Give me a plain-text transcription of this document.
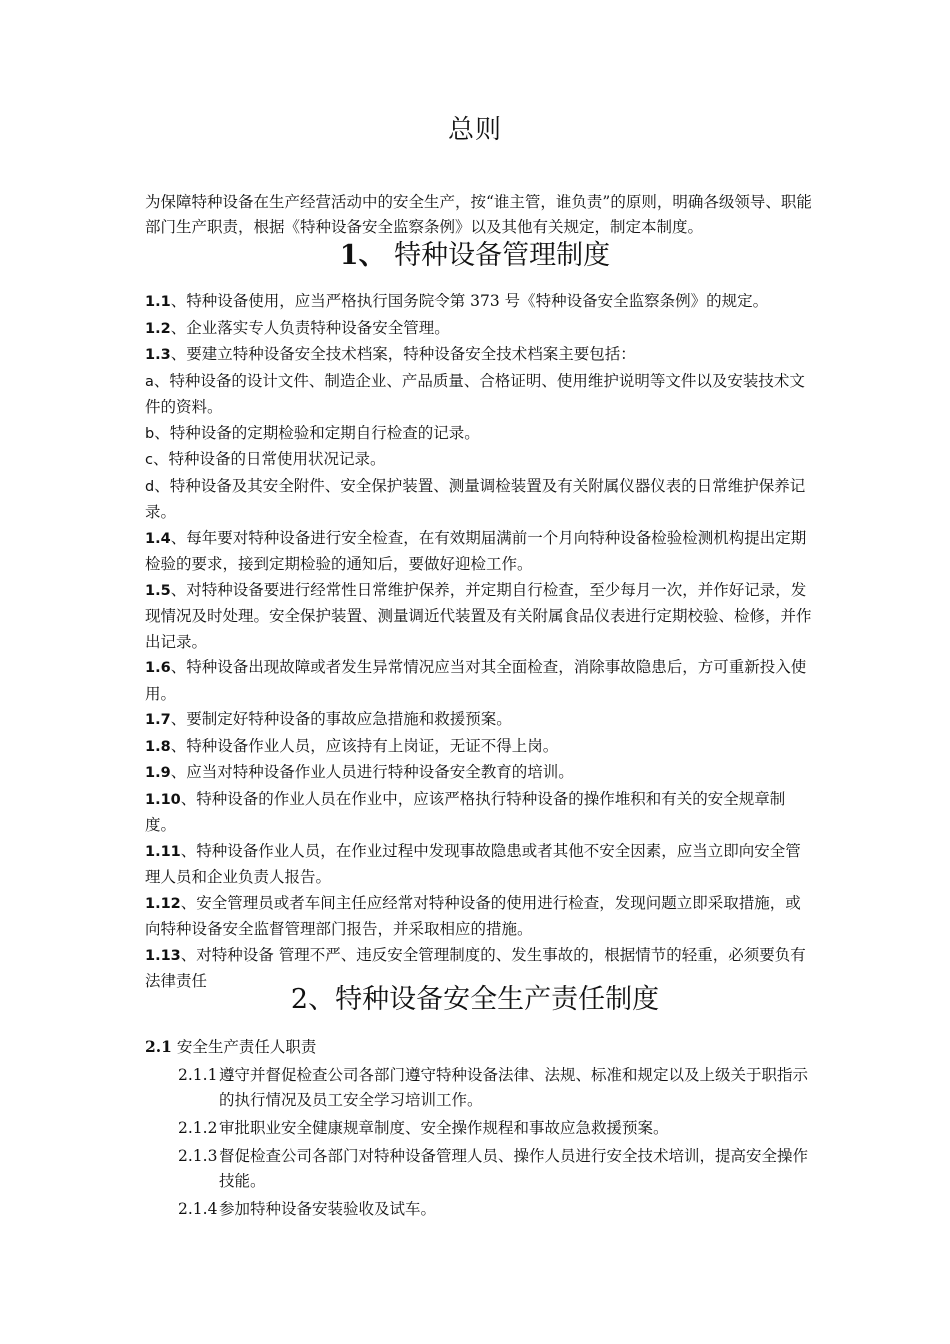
总则

为保障特种设备在生产经营活动中的安全生产，按“谁主管，谁负责”的原则，明确各级领导、职能部门生产职责，根据《特种设备安全监察条例》以及其他有关规定，制定本制度。

1、 特种设备管理制度

1.1、特种设备使用，应当严格执行国务院令第 373 号《特种设备安全监察条例》的规定。

1.2、企业落实专人负责特种设备安全管理。

1.3、要建立特种设备安全技术档案，特种设备安全技术档案主要包括：

a、特种设备的设计文件、制造企业、产品质量、合格证明、使用维护说明等文件以及安装技术文件的资料。

b、特种设备的定期检验和定期自行检查的记录。

c、特种设备的日常使用状况记录。

d、特种设备及其安全附件、安全保护装置、测量调检装置及有关附属仪器仪表的日常维护保养记录。

1.4、每年要对特种设备进行安全检查，在有效期届满前一个月向特种设备检验检测机构提出定期检验的要求，接到定期检验的通知后，要做好迎检工作。

1.5、对特种设备要进行经常性日常维护保养，并定期自行检查，至少每月一次，并作好记录，发现情况及时处理。安全保护装置、测量调近代装置及有关附属食品仪表进行定期校验、检修，并作出记录。

1.6、特种设备出现故障或者发生异常情况应当对其全面检查，消除事故隐患后，方可重新投入使用。

1.7、要制定好特种设备的事故应急措施和救援预案。

1.8、特种设备作业人员，应该持有上岗证，无证不得上岗。

1.9、应当对特种设备作业人员进行特种设备安全教育的培训。

1.10、特种设备的作业人员在作业中，应该严格执行特种设备的操作堆积和有关的安全规章制度。

1.11、特种设备作业人员，在作业过程中发现事故隐患或者其他不安全因素，应当立即向安全管理人员和企业负责人报告。

1.12、安全管理员或者车间主任应经常对特种设备的使用进行检查，发现问题立即采取措施，或向特种设备安全监督管理部门报告，并采取相应的措施。

1.13、对特种设备 管理不严、违反安全管理制度的、发生事故的，根据情节的轻重，必须要负有法律责任

2、特种设备安全生产责任制度

2.1 安全生产责任人职责

2.1.1 遵守并督促检查公司各部门遵守特种设备法律、法规、标准和规定以及上级关于职指示的执行情况及员工安全学习培训工作。
2.1.2 审批职业安全健康规章制度、安全操作规程和事故应急救援预案。
2.1.3 督促检查公司各部门对特种设备管理人员、操作人员进行安全技术培训，提高安全操作技能。
2.1.4 参加特种设备安装验收及试车。
